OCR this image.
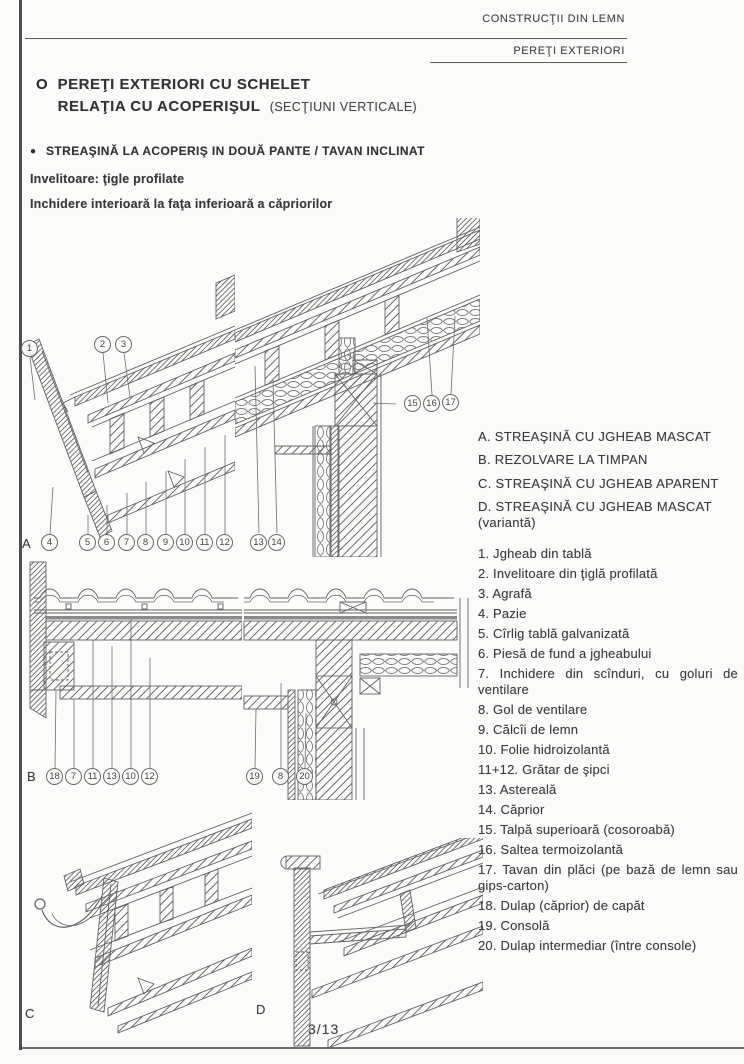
CONSTRUCŢII DIN LEMN
PEREŢI EXTERIORI
O PEREŢI EXTERIORI CU SCHELET
RELAŢIA CU ACOPERIŞUL (SECŢIUNI VERTICALE)
● STREAŞINĂ LA ACOPERIŞ IN DOUĂ PANTE / TAVAN INCLINAT
Invelitoare: ţigle profilate
Inchidere interioară la faţa inferioară a căpriorilor
1	2	3
4	5	6	7	8	9	10	11	12	13 14
15 16 17
18	7	11 13 10 12	19	8	20
A
B
C	D
A. STREAŞINĂ CU JGHEAB MASCAT
B. REZOLVARE LA TIMPAN
C. STREAŞINĂ CU JGHEAB APARENT
D. STREAŞINĂ CU JGHEAB MASCAT (variantă)
1. Jgheab din tablă
2. Invelitoare din ţiglă profilată
3. Agrafă
4. Pazie
5. Cîrlig tablă galvanizată
6. Piesă de fund a jgheabului
7. Inchidere din scînduri, cu goluri de ventilare
8. Gol de ventilare
9. Călcîi de lemn
10. Folie hidroizolantă
11+12. Grătar de şipci
13. Astereală
14. Căprior
15. Talpă superioară (cosoroabă)
16. Saltea termoizolantă
17. Tavan din plăci (pe bază de lemn sau gips-carton)
18. Dulap (căprior) de capăt
19. Consolă
20. Dulap intermediar (între console)
3/13
